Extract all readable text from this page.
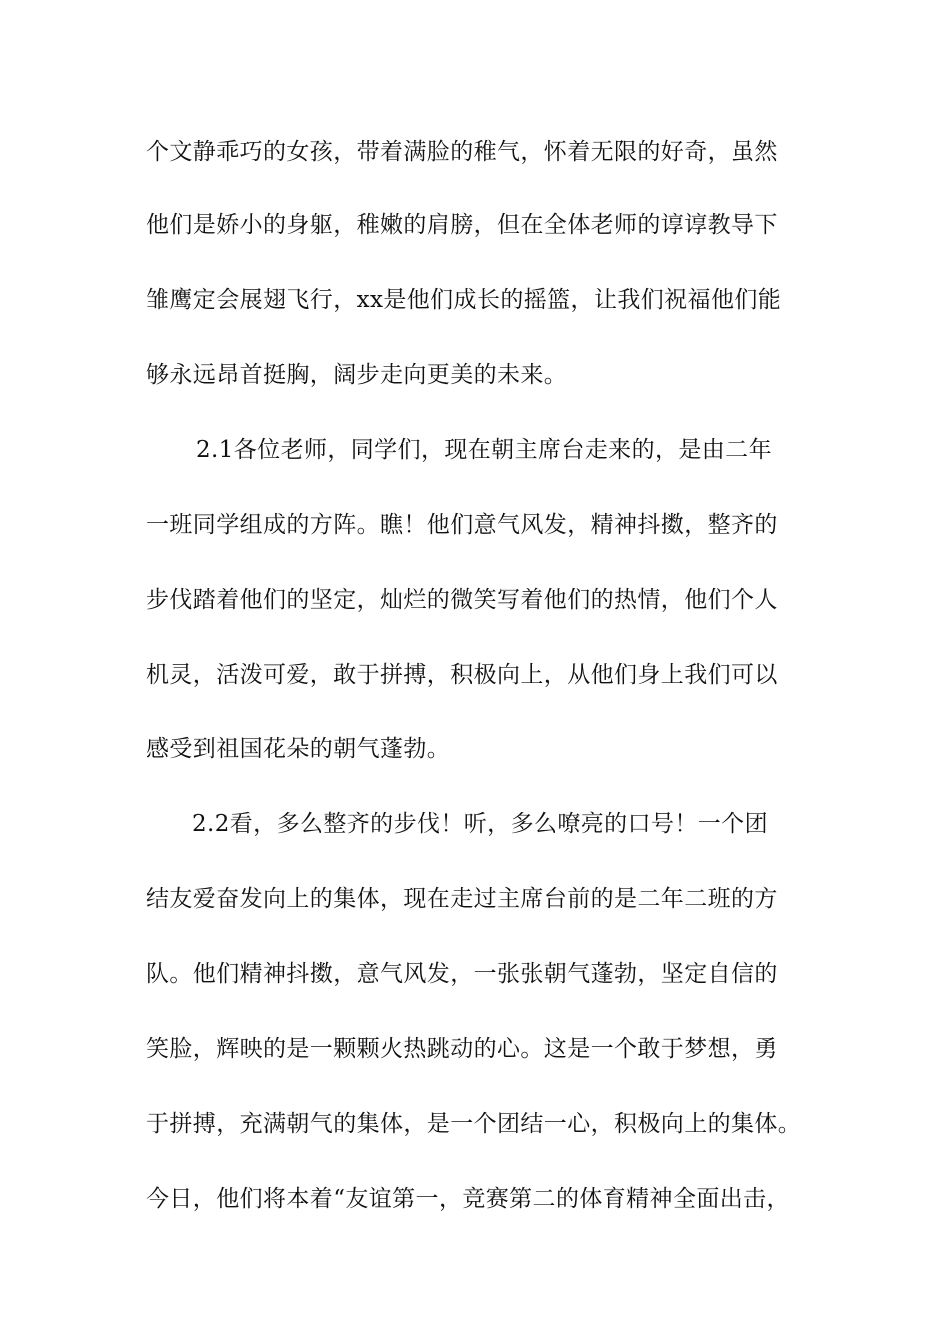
个文静乖巧的女孩，带着满脸的稚气，怀着无限的好奇，虽然
他们是娇小的身躯，稚嫩的肩膀，但在全体老师的谆谆教导下
雏鹰定会展翅飞行，xx是他们成长的摇篮，让我们祝福他们能
够永远昂首挺胸，阔步走向更美的未来。
2.1各位老师，同学们，现在朝主席台走来的，是由二年
一班同学组成的方阵。瞧！他们意气风发，精神抖擞，整齐的
步伐踏着他们的坚定，灿烂的微笑写着他们的热情，他们个人
机灵，活泼可爱，敢于拼搏，积极向上，从他们身上我们可以
感受到祖国花朵的朝气蓬勃。
2.2看，多么整齐的步伐！听，多么嘹亮的口号！一个团
结友爱奋发向上的集体，现在走过主席台前的是二年二班的方
队。他们精神抖擞，意气风发，一张张朝气蓬勃，坚定自信的
笑脸，辉映的是一颗颗火热跳动的心。这是一个敢于梦想，勇
于拼搏，充满朝气的集体，是一个团结一心，积极向上的集体。
今日，他们将本着“友谊第一，竞赛第二的体育精神全面出击，
